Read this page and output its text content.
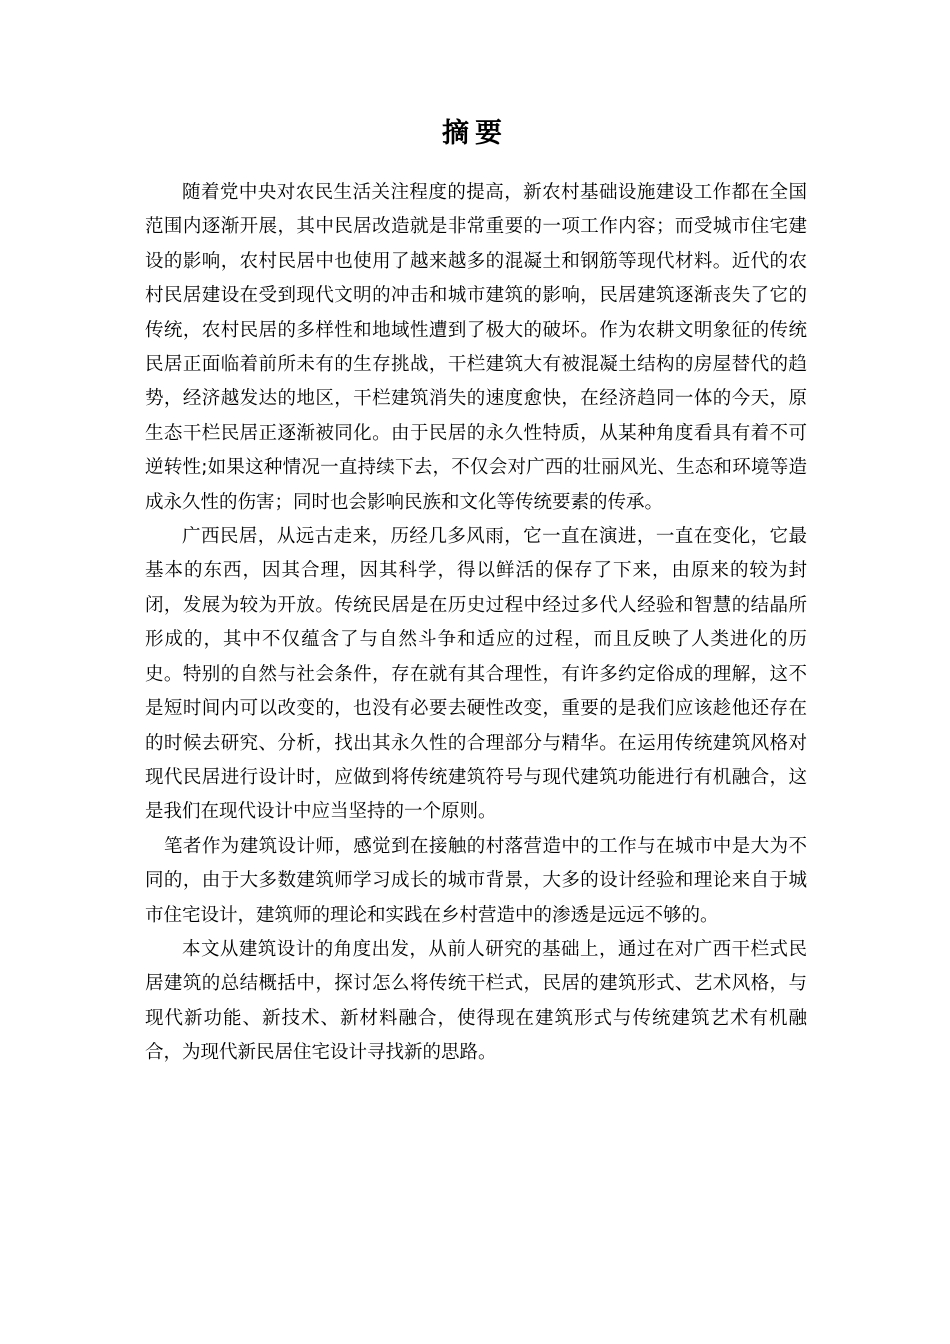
摘要

随着党中央对农民生活关注程度的提高，新农村基础设施建设工作都在全国范围内逐渐开展，其中民居改造就是非常重要的一项工作内容；而受城市住宅建设的影响，农村民居中也使用了越来越多的混凝土和钢筋等现代材料。近代的农村民居建设在受到现代文明的冲击和城市建筑的影响，民居建筑逐渐丧失了它的传统，农村民居的多样性和地域性遭到了极大的破坏。作为农耕文明象征的传统民居正面临着前所未有的生存挑战，干栏建筑大有被混凝土结构的房屋替代的趋势，经济越发达的地区，干栏建筑消失的速度愈快，在经济趋同一体的今天，原生态干栏民居正逐渐被同化。由于民居的永久性特质，从某种角度看具有着不可逆转性;如果这种情况一直持续下去，不仅会对广西的壮丽风光、生态和环境等造成永久性的伤害；同时也会影响民族和文化等传统要素的传承。

广西民居，从远古走来，历经几多风雨，它一直在演进，一直在变化，它最基本的东西，因其合理，因其科学，得以鲜活的保存了下来，由原来的较为封闭，发展为较为开放。传统民居是在历史过程中经过多代人经验和智慧的结晶所形成的，其中不仅蕴含了与自然斗争和适应的过程，而且反映了人类进化的历史。特别的自然与社会条件，存在就有其合理性，有许多约定俗成的理解，这不是短时间内可以改变的，也没有必要去硬性改变，重要的是我们应该趁他还存在的时候去研究、分析，找出其永久性的合理部分与精华。在运用传统建筑风格对现代民居进行设计时，应做到将传统建筑符号与现代建筑功能进行有机融合，这是我们在现代设计中应当坚持的一个原则。

笔者作为建筑设计师，感觉到在接触的村落营造中的工作与在城市中是大为不同的，由于大多数建筑师学习成长的城市背景，大多的设计经验和理论来自于城市住宅设计，建筑师的理论和实践在乡村营造中的渗透是远远不够的。

本文从建筑设计的角度出发，从前人研究的基础上，通过在对广西干栏式民居建筑的总结概括中，探讨怎么将传统干栏式，民居的建筑形式、艺术风格，与现代新功能、新技术、新材料融合，使得现在建筑形式与传统建筑艺术有机融合，为现代新民居住宅设计寻找新的思路。
